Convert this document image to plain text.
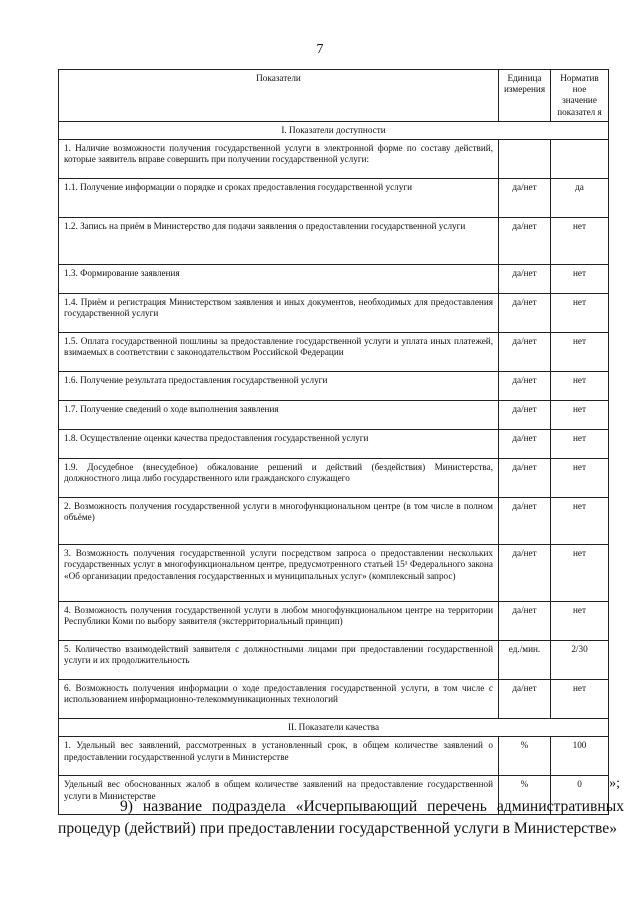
7
Показатели	Единица измерения	Норматив ное значение показател я
I. Показатели доступности		
1. Наличие возможности получения государственной услуги в электронной форме по составу действий, которые заявитель вправе совершить при получении государственной услуги:		
1.1. Получение информации о порядке и сроках предоставления государственной услуги	да/нет	да
1.2. Запись на приём в Министерство для подачи заявления о предоставлении государственной услуги	да/нет	нет
1.3. Формирование заявления	да/нет	нет
1.4. Приём и регистрация Министерством заявления и иных документов, необходимых для предоставления государственной услуги	да/нет	нет
1.5. Оплата государственной пошлины за предоставление государственной услуги и уплата иных платежей, взимаемых в соответствии с законодательством Российской Федерации	да/нет	нет
1.6. Получение результата предоставления государственной услуги	да/нет	нет
1.7. Получение сведений о ходе выполнения заявления	да/нет	нет
1.8. Осуществление оценки качества предоставления государственной услуги	да/нет	нет
1.9. Досудебное (внесудебное) обжалование решений и действий (бездействия) Министерства, должностного лица либо государственного или гражданского служащего	да/нет	нет
2. Возможность получения государственной услуги в многофункциональном центре (в том числе в полном объёме)	да/нет	нет
3. Возможность получения государственной услуги посредством запроса о предоставлении нескольких государственных услуг в многофункциональном центре, предусмотренного статьей 15¹ Федерального закона «Об организации предоставления государственных и муниципальных услуг» (комплексный запрос)	да/нет	нет
4. Возможность получения государственной услуги в любом многофункциональном центре на территории Республики Коми по выбору заявителя (экстерриториальный принцип)	да/нет	нет
5. Количество взаимодействий заявителя с должностными лицами при предоставлении государственной услуги и их продолжительность	ед./мин.	2/30
6. Возможность получения информации о ходе предоставления государственной услуги, в том числе с использованием информационно-телекоммуникационных технологий	да/нет	нет
II. Показатели качества		
1. Удельный вес заявлений, рассмотренных в установленный срок, в общем количестве заявлений о предоставлении государственной услуги в Министерстве	%	100
Удельный вес обоснованных жалоб в общем количестве заявлений на предоставление государственной услуги в Министерстве	%	0 »;
9) название подраздела «Исчерпывающий перечень административных процедур (действий) при предоставлении государственной услуги в Министерстве»
